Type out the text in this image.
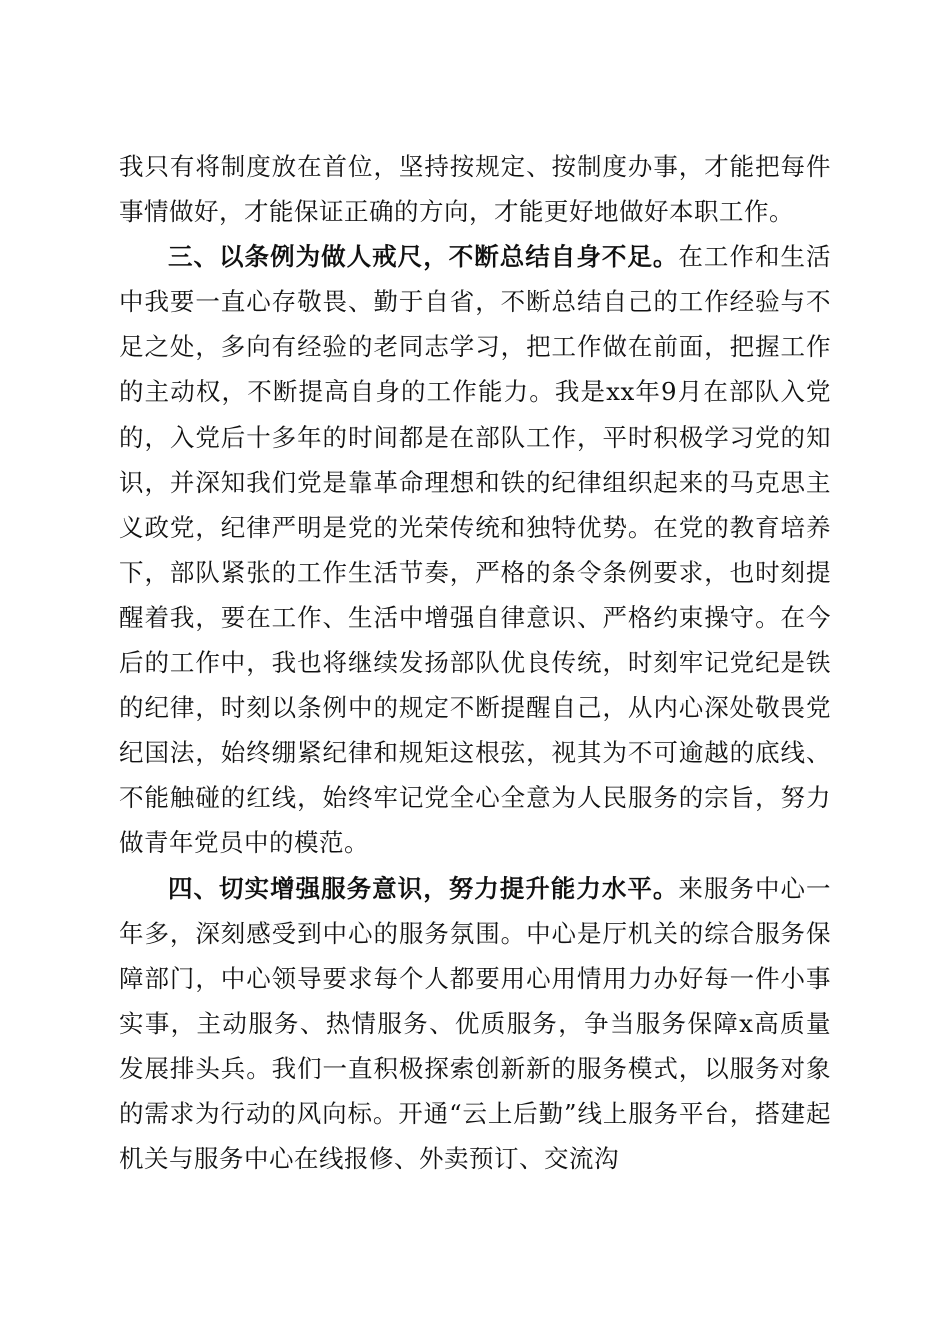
我只有将制度放在首位，坚持按规定、按制度办事，才能把每件事情做好，才能保证正确的方向，才能更好地做好本职工作。

三、以条例为做人戒尺，不断总结自身不足。在工作和生活中我要一直心存敬畏、勤于自省，不断总结自己的工作经验与不足之处，多向有经验的老同志学习，把工作做在前面，把握工作的主动权，不断提高自身的工作能力。我是xx年9月在部队入党的，入党后十多年的时间都是在部队工作，平时积极学习党的知识，并深知我们党是靠革命理想和铁的纪律组织起来的马克思主义政党，纪律严明是党的光荣传统和独特优势。在党的教育培养下，部队紧张的工作生活节奏，严格的条令条例要求，也时刻提醒着我，要在工作、生活中增强自律意识、严格约束操守。在今后的工作中，我也将继续发扬部队优良传统，时刻牢记党纪是铁的纪律，时刻以条例中的规定不断提醒自己，从内心深处敬畏党纪国法，始终绷紧纪律和规矩这根弦，视其为不可逾越的底线、不能触碰的红线，始终牢记党全心全意为人民服务的宗旨，努力做青年党员中的模范。

四、切实增强服务意识，努力提升能力水平。来服务中心一年多，深刻感受到中心的服务氛围。中心是厅机关的综合服务保障部门，中心领导要求每个人都要用心用情用力办好每一件小事实事，主动服务、热情服务、优质服务，争当服务保障x高质量发展排头兵。我们一直积极探索创新新的服务模式，以服务对象的需求为行动的风向标。开通“云上后勤”线上服务平台，搭建起机关与服务中心在线报修、外卖预订、交流沟
